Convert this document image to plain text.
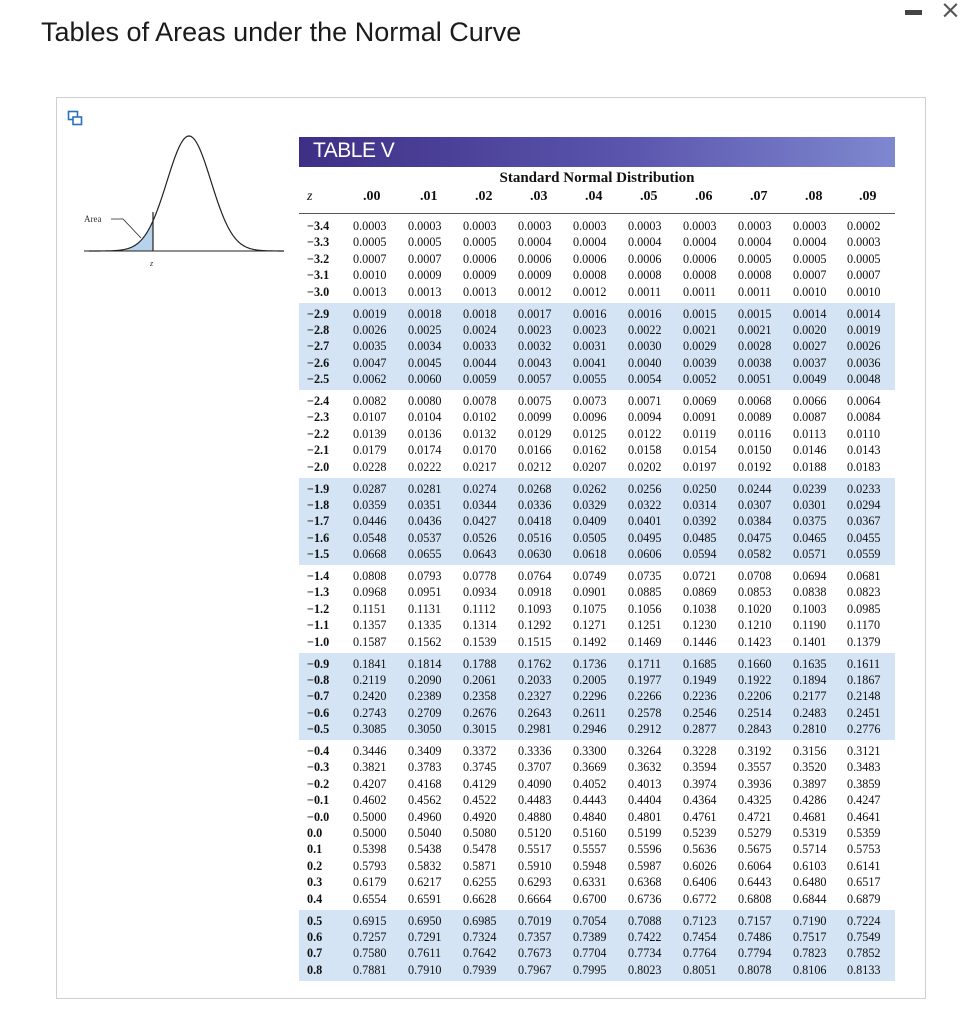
Tables of Areas under the Normal Curve
×
Area
z
TABLE V
Standard Normal Distribution
z	.00	.01	.02	.03	.04	.05	.06	.07	.08	.09
−3.4 0.0003 0.0003 0.0003 0.0003 0.0003 0.0003 0.0003 0.0003 0.0003 0.0002
−3.3 0.0005 0.0005 0.0005 0.0004 0.0004 0.0004 0.0004 0.0004 0.0004 0.0003
−3.2 0.0007 0.0007 0.0006 0.0006 0.0006 0.0006 0.0006 0.0005 0.0005 0.0005
−3.1 0.0010 0.0009 0.0009 0.0009 0.0008 0.0008 0.0008 0.0008 0.0007 0.0007
−3.0 0.0013 0.0013 0.0013 0.0012 0.0012 0.0011 0.0011 0.0011 0.0010 0.0010
−2.9 0.0019 0.0018 0.0018 0.0017 0.0016 0.0016 0.0015 0.0015 0.0014 0.0014
−2.8 0.0026 0.0025 0.0024 0.0023 0.0023 0.0022 0.0021 0.0021 0.0020 0.0019
−2.7 0.0035 0.0034 0.0033 0.0032 0.0031 0.0030 0.0029 0.0028 0.0027 0.0026
−2.6 0.0047 0.0045 0.0044 0.0043 0.0041 0.0040 0.0039 0.0038 0.0037 0.0036
−2.5 0.0062 0.0060 0.0059 0.0057 0.0055 0.0054 0.0052 0.0051 0.0049 0.0048
−2.4 0.0082 0.0080 0.0078 0.0075 0.0073 0.0071 0.0069 0.0068 0.0066 0.0064
−2.3 0.0107 0.0104 0.0102 0.0099 0.0096 0.0094 0.0091 0.0089 0.0087 0.0084
−2.2 0.0139 0.0136 0.0132 0.0129 0.0125 0.0122 0.0119 0.0116 0.0113 0.0110
−2.1 0.0179 0.0174 0.0170 0.0166 0.0162 0.0158 0.0154 0.0150 0.0146 0.0143
−2.0 0.0228 0.0222 0.0217 0.0212 0.0207 0.0202 0.0197 0.0192 0.0188 0.0183
−1.9 0.0287 0.0281 0.0274 0.0268 0.0262 0.0256 0.0250 0.0244 0.0239 0.0233
−1.8 0.0359 0.0351 0.0344 0.0336 0.0329 0.0322 0.0314 0.0307 0.0301 0.0294
−1.7 0.0446 0.0436 0.0427 0.0418 0.0409 0.0401 0.0392 0.0384 0.0375 0.0367
−1.6 0.0548 0.0537 0.0526 0.0516 0.0505 0.0495 0.0485 0.0475 0.0465 0.0455
−1.5 0.0668 0.0655 0.0643 0.0630 0.0618 0.0606 0.0594 0.0582 0.0571 0.0559
−1.4 0.0808 0.0793 0.0778 0.0764 0.0749 0.0735 0.0721 0.0708 0.0694 0.0681
−1.3 0.0968 0.0951 0.0934 0.0918 0.0901 0.0885 0.0869 0.0853 0.0838 0.0823
−1.2 0.1151 0.1131 0.1112 0.1093 0.1075 0.1056 0.1038 0.1020 0.1003 0.0985
−1.1 0.1357 0.1335 0.1314 0.1292 0.1271 0.1251 0.1230 0.1210 0.1190 0.1170
−1.0 0.1587 0.1562 0.1539 0.1515 0.1492 0.1469 0.1446 0.1423 0.1401 0.1379
−0.9 0.1841 0.1814 0.1788 0.1762 0.1736 0.1711 0.1685 0.1660 0.1635 0.1611
−0.8 0.2119 0.2090 0.2061 0.2033 0.2005 0.1977 0.1949 0.1922 0.1894 0.1867
−0.7 0.2420 0.2389 0.2358 0.2327 0.2296 0.2266 0.2236 0.2206 0.2177 0.2148
−0.6 0.2743 0.2709 0.2676 0.2643 0.2611 0.2578 0.2546 0.2514 0.2483 0.2451
−0.5 0.3085 0.3050 0.3015 0.2981 0.2946 0.2912 0.2877 0.2843 0.2810 0.2776
−0.4 0.3446 0.3409 0.3372 0.3336 0.3300 0.3264 0.3228 0.3192 0.3156 0.3121
−0.3 0.3821 0.3783 0.3745 0.3707 0.3669 0.3632 0.3594 0.3557 0.3520 0.3483
−0.2 0.4207 0.4168 0.4129 0.4090 0.4052 0.4013 0.3974 0.3936 0.3897 0.3859
−0.1 0.4602 0.4562 0.4522 0.4483 0.4443 0.4404 0.4364 0.4325 0.4286 0.4247
−0.0 0.5000 0.4960 0.4920 0.4880 0.4840 0.4801 0.4761 0.4721 0.4681 0.4641
0.0	0.5000 0.5040 0.5080 0.5120 0.5160 0.5199 0.5239 0.5279 0.5319 0.5359
0.1	0.5398 0.5438 0.5478 0.5517 0.5557 0.5596 0.5636 0.5675 0.5714 0.5753
0.2	0.5793 0.5832 0.5871 0.5910 0.5948 0.5987 0.6026 0.6064 0.6103 0.6141
0.3	0.6179 0.6217 0.6255 0.6293 0.6331 0.6368 0.6406 0.6443 0.6480 0.6517
0.4	0.6554 0.6591 0.6628 0.6664 0.6700 0.6736 0.6772 0.6808 0.6844 0.6879
0.5	0.6915 0.6950 0.6985 0.7019 0.7054 0.7088 0.7123 0.7157 0.7190 0.7224
0.6	0.7257 0.7291 0.7324 0.7357 0.7389 0.7422 0.7454 0.7486 0.7517 0.7549
0.7	0.7580 0.7611 0.7642 0.7673 0.7704 0.7734 0.7764 0.7794 0.7823 0.7852
0.8	0.7881 0.7910 0.7939 0.7967 0.7995 0.8023 0.8051 0.8078 0.8106 0.8133
